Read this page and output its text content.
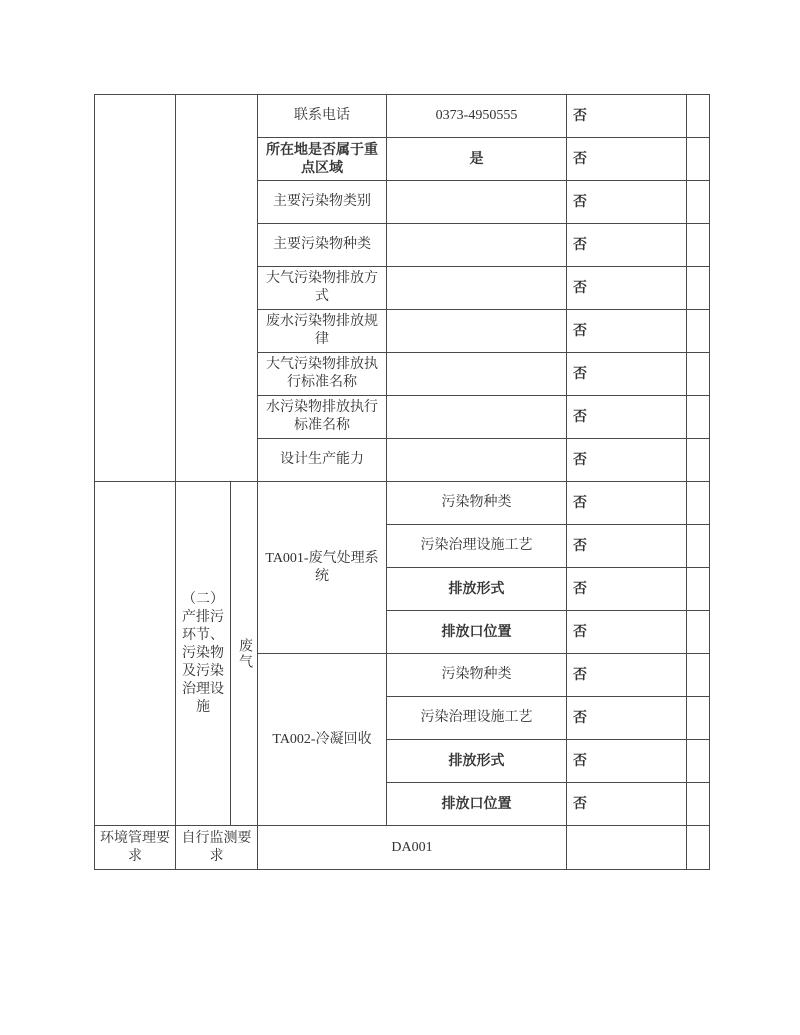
			联系电话	0373-4950555	否	
			所在地是否属于重点区域	是	否	
			主要污染物类别		否	
			主要污染物种类		否	
			大气污染物排放方式		否	
			废水污染物排放规律		否	
			大气污染物排放执行标准名称		否	
			水污染物排放执行标准名称		否	
			设计生产能力		否	
	（二）产排污环节、污染物及污染治理设施	废气	TA001-废气处理系统	污染物种类	否	
				污染治理设施工艺	否	
				排放形式	否	
				排放口位置	否	
			TA002-冷凝回收	污染物种类	否	
				污染治理设施工艺	否	
				排放形式	否	
				排放口位置	否	
环境管理要求	自行监测要求		DA001			
